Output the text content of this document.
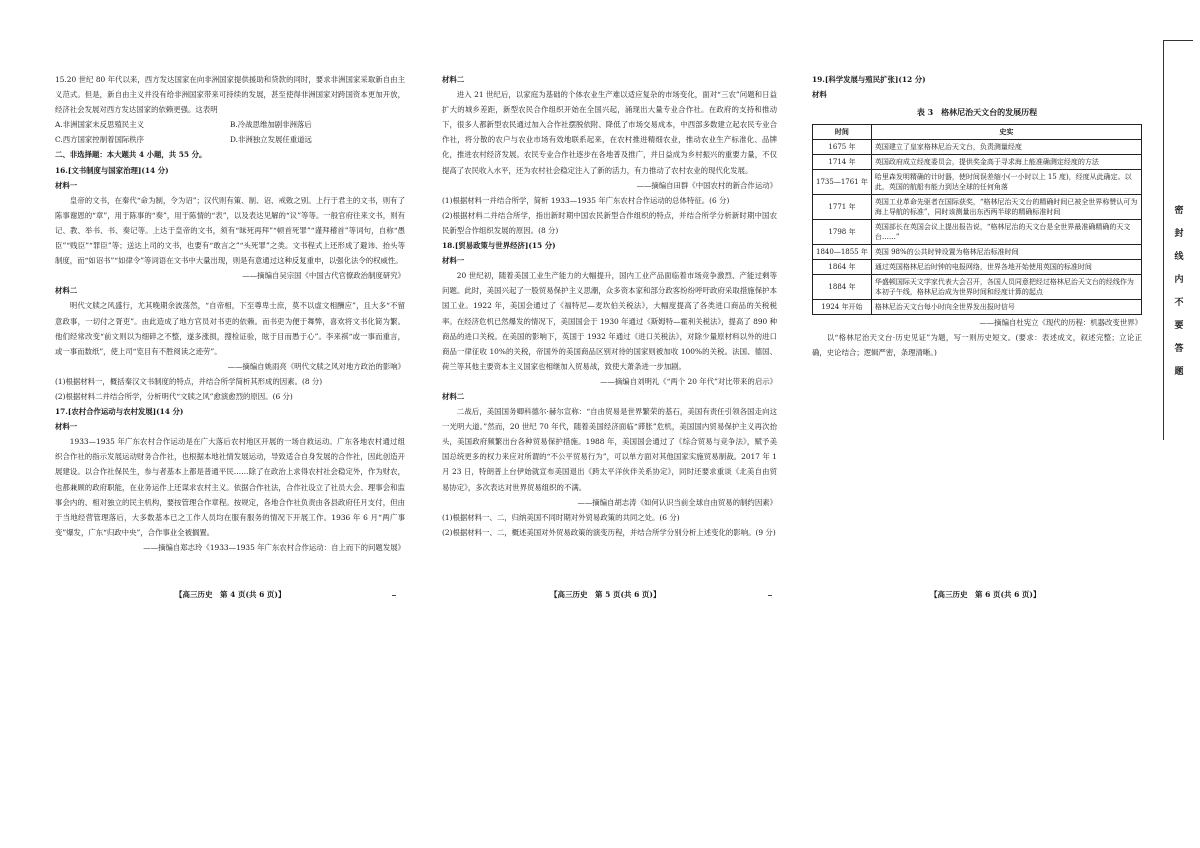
15.20 世纪 80 年代以来，西方发达国家在向非洲国家提供援助和贷款的同时，要求非洲国家采取新自由主义范式。但是，新自由主义并没有给非洲国家带来可持续的发展，甚至使得非洲国家对跨国资本更加开放，经济社会发展对西方发达国家的依赖更强。这表明

A.非洲国家未反思殖民主义	B.冷战思维加剧非洲落后
C.西方国家控制着国际秩序	D.非洲独立发展任重道远

二、非选择题：本大题共 4 小题，共 55 分。

16.[文书制度与国家治理](14 分)

材料一

皇帝的文书，在秦代“命为制，令为诏”；汉代则有策、制、诏、戒敕之别。上行于君主的文书，则有了陈事谢恩的“章”，用于陈事的“奏”，用于陈情的“表”，以及表达见解的“议”等等。一般官府往来文书，则有记、教、举书、书、奏记等。上达于皇帝的文书，须有“昧死再拜”“顿首死罪”“谨拜稽首”等词句，自称“愚臣”“贱臣”“罪臣”等；送达上司的文书，也要有“敢言之”“头死罪”之类。文书程式上还形成了避讳、抬头等制度，而“如诏书”“如律令”等词语在文书中大量出现，则是有意通过这种反复重申，以强化法令的权威性。

——摘编自吴宗国《中国古代官僚政治制度研究》

材料二

明代文牍之风盛行，尤其晚期余波荡然，“自帝相，下至尊卑士庶，莫不以虚文相酬应”，且大多“不留意政事，一切付之胥吏”。由此造成了地方官员对书吏的依赖。而书吏为便于舞弊，喜欢将文书化简为繁。他们经常改变“前文则以为细碎之不整，遂多涨损，搜检证验，眩于目而愚于心”。李来祺“或一事而重言，或一事而数纸”，使上司“览目有不胜阅读之迹劳”。

——摘编自姚雨亮《明代文牍之风对地方政治的影响》

(1)根据材料一，概括秦汉文书制度的特点，并结合所学简析其形成的因素。(8 分)

(2)根据材料二并结合所学，分析明代“文牍之风”愈演愈烈的原因。(6 分)

17.[农村合作运动与农村发展](14 分)

材料一

1933—1935 年广东农村合作运动是在广大落后农村地区开展的一场自救运动。广东各地农村通过组织合作社的指示发展运动财务合作社，也根据本地社情发展运动，导致适合自身发展的合作社，因此创造开展建设。以合作社保民生，参与者基本上都是普通平民……除了在政治上求得农村社会稳定外，作为财农，也都兼顾的政府职能，在业务运作上还谋求农村主义。依据合作社法，合作社设立了社员大会、理事会和监事会内的、相对独立的民主机构，要按管理合作章程。按规定，各地合作社负责由各县政府任月支付，但由于当地经营管理落后，大多数基本已之工作人员均在服有服务的情况下开展工作。1936 年 6 月“两广事变”爆发，广东“归政中央”，合作事业全被搁置。

——摘编自郑志玲《1933—1935 年广东农村合作运动：自上而下的问题发展》

【高三历史　第 4 页(共 6 页)】

材料二

进入 21 世纪后，以家庭为基础的个体农业生产难以适应复杂的市场变化，面对“三农”问题和日益扩大的城乡差距，新型农民合作组织开始在全国兴起，涌现出大量专业合作社。在政府的支持和推动下，很多人都新型农民通过加入合作社摆脱依附、降低了市场交易成本，中西部多数建立起农民专业合作社，将分散的农户与农业市场有效地联系起来，在农村推进精细农业，推动农业生产标准化、品牌化，推进农村经济发展。农民专业合作社逐步在各地普及推广，并日益成为乡村振兴的重要力量，不仅提高了农民收入水平，还为农村社会稳定注入了新的活力，有力推动了农村农业的现代化发展。

——摘编自田群《中国农村的新合作运动》

(1)根据材料一并结合所学，简析 1933—1935 年广东农村合作运动的总体特征。(6 分)

(2)根据材料二并结合所学，指出新时期中国农民新型合作组织的特点，并结合所学分析新时期中国农民新型合作组织发展的原因。(8 分)

18.[贸易政策与世界经济](15 分)

材料一

20 世纪初，随着美国工业生产能力的大幅提升，国内工业产品面临着市场竞争激烈、产能过剩等问题。此时，美国兴起了一股贸易保护主义思潮，众多资本家和部分政客纷纷呼吁政府采取措施保护本国工业。1922 年，美国会通过了《福特尼—麦坎伯关税法》，大幅度提高了各类进口商品的关税税率。在经济危机已然爆发的情况下，美国国会于 1930 年通过《斯姆特—霍利关税法》，提高了 890 种商品的进口关税。在美国的影响下，英国于 1932 年通过《进口关税法》，对除少量原材料以外的进口商品一律征收 10%的关税，帝国外的美国商品区别对待的国家则被加收 100%的关税。法国、德国、荷兰等其他主要资本主义国家也相继加入贸易战，致使大萧条进一步加剧。

——摘编自刘明礼《“两个 20 年代”对比带来的启示》

材料二

二战后，美国国务卿科德尔·赫尔宣称：“自由贸易是世界繁荣的基石，美国有责任引领各国走向这一光明大道。”然而，20 世纪 70 年代，随着美国经济面临“滞胀”危机，美国国内贸易保护主义再次抬头，美国政府频繁出台各种贸易保护措施。1988 年，美国国会通过了《综合贸易与竞争法》，赋予美国总统更多的权力来应对所谓的“不公平贸易行为”，可以单方面对其他国家实施贸易制裁。2017 年 1 月 23 日，特朗普上台伊始就宣布美国退出《跨太平洋伙伴关系协定》，同时还要求重谈《北美自由贸易协定》，多次表达对世界贸易组织的不满。

——摘编自胡志涛《如何认识当前全球自由贸易的制约因素》

(1)根据材料一、二，归纳美国不同时期对外贸易政策的共同之处。(6 分)

(2)根据材料一、二，概述美国对外贸易政策的演变历程，并结合所学分别分析上述变化的影响。(9 分)

【高三历史　第 5 页(共 6 页)】

19.[科学发展与殖民扩张](12 分)

材料

表 3　格林尼治天文台的发展历程
时间	史实
1675 年	英国建立了皇家格林尼治天文台，负责测量经度
1714 年	英国政府成立经度委员会，提供奖金高于寻求海上能准确测定经度的方法
1735—1761 年	哈里森发明精确的计时器，使时间误差缩小(一小时以上 15 度)，经度从此确定。以此，英国的航船有能力到达全球的任何角落
1771 年	英国工业革命先驱者在国际获奖，“格林尼治天文台的精确时间已被全世界称赞认可为海上导航的标准”，同时该测量出东西两半球的精确标准时间
1798 年	英国部长在英国会议上提出报告说，“格林尼治的天文台是全世界最准确精确的天文台……”
1840—1855 年	英国 98%的公共时钟设置为格林尼治标准时间
1864 年	通过英国格林尼治时钟的电报网络，世界各地开始使用英国的标准时间
1884 年	华盛顿国际天文学家代表大会召开，各国人员同意把经过格林尼治天文台的经线作为本初子午线，格林尼治成为世界时间和经度计算的起点
1924 年开始	格林尼治天文台每小时向全世界发出报时信号

——摘编自杜宪立《现代的历程：机器改变世界》

以“格林尼治天文台·历史见证”为题，写一则历史短文。(要求：表述成文，叙述完整；立论正确，史论结合；逻辑严密，条理清晰。)

【高三历史　第 6 页(共 6 页)】
密
封
线
内
不
要
答
题
